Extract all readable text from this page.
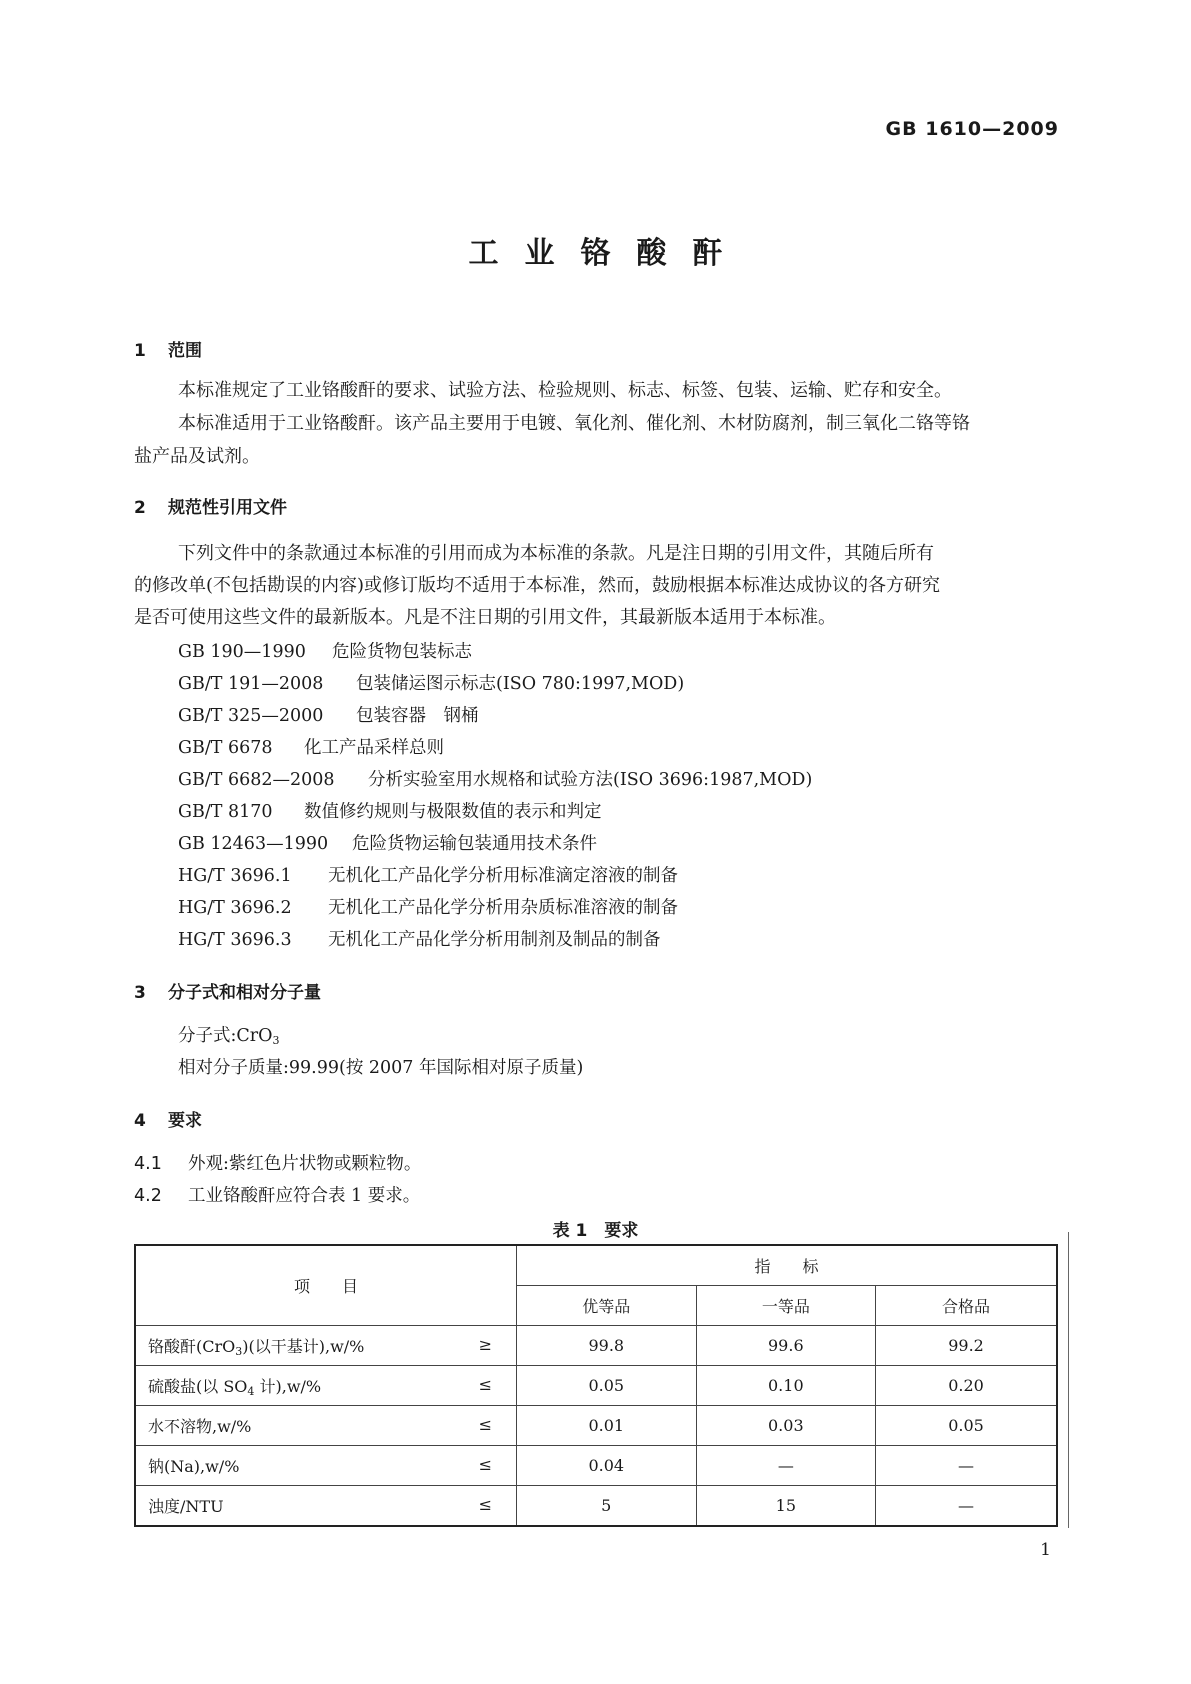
GB 1610—2009
工业铬酸酐
1 范围
本标准规定了工业铬酸酐的要求、试验方法、检验规则、标志、标签、包装、运输、贮存和安全。
本标准适用于工业铬酸酐。该产品主要用于电镀、氧化剂、催化剂、木材防腐剂，制三氧化二铬等铬
盐产品及试剂。
2 规范性引用文件
下列文件中的条款通过本标准的引用而成为本标准的条款。凡是注日期的引用文件，其随后所有
的修改单(不包括勘误的内容)或修订版均不适用于本标准，然而，鼓励根据本标准达成协议的各方研究
是否可使用这些文件的最新版本。凡是不注日期的引用文件，其最新版本适用于本标准。
GB 190—1990 危险货物包装标志
GB/T 191—2008 包装储运图示标志(ISO 780:1997,MOD)
GB/T 325—2000 包装容器　钢桶
GB/T 6678 化工产品采样总则
GB/T 6682—2008 分析实验室用水规格和试验方法(ISO 3696:1987,MOD)
GB/T 8170 数值修约规则与极限数值的表示和判定
GB 12463—1990 危险货物运输包装通用技术条件
HG/T 3696.1 无机化工产品化学分析用标准滴定溶液的制备
HG/T 3696.2 无机化工产品化学分析用杂质标准溶液的制备
HG/T 3696.3 无机化工产品化学分析用制剂及制品的制备
3 分子式和相对分子量
分子式:CrO$_3$
相对分子质量:99.99(按 2007 年国际相对原子质量)
4 要求
4.1 外观:紫红色片状物或颗粒物。
4.2 工业铬酸酐应符合表 1 要求。
表 1　要求
项　　目	指　　标		
	优等品	一等品	合格品
铬酸酐(CrO$_3$)(以干基计),w/% ≥	99.8	99.6	99.2
硫酸盐(以 $SO_4$ 计),w/% ≤	0.05	0.10	0.20
水不溶物,w/% ≤	0.01	0.03	0.05
钠(Na),w/% ≤	0.04	—	—
浊度/NTU ≤	5	15	—
1
